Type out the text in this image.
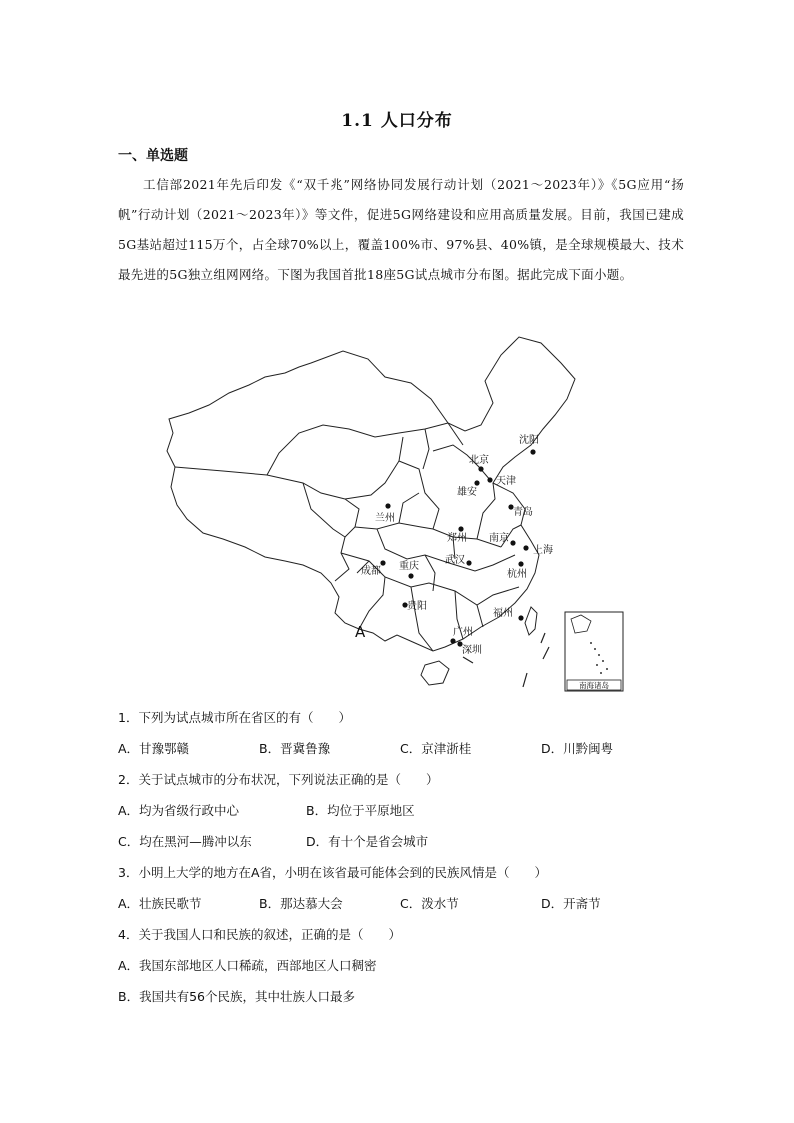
1.1 人口分布
一、单选题
工信部2021年先后印发《“双千兆”网络协同发展行动计划（2021～2023年）》《5G应用“扬帆”行动计划（2021～2023年）》等文件，促进5G网络建设和应用高质量发展。目前，我国已建成5G基站超过115万个，占全球70%以上，覆盖100%市、97%县、40%镇，是全球规模最大、技术最先进的5G独立组网网络。下图为我国首批18座5G试点城市分布图。据此完成下面小题。
沈阳
北京
天津
雄安
青岛
兰州
郑州 南京
上海
武汉
杭州
成都 重庆
贵阳
福州
广州
深圳
A
南海诸岛
1．下列为试点城市所在省区的有（　　）
A．甘豫鄂赣	B．晋冀鲁豫	C．京津浙桂	D．川黔闽粤
2．关于试点城市的分布状况，下列说法正确的是（　　）
A．均为省级行政中心	B．均位于平原地区
C．均在黑河—腾冲以东	D．有十个是省会城市
3．小明上大学的地方在A省，小明在该省最可能体会到的民族风情是（　　）
A．壮族民歌节	B．那达慕大会	C．泼水节	D．开斋节
4．关于我国人口和民族的叙述，正确的是（　　）
A．我国东部地区人口稀疏，西部地区人口稠密
B．我国共有56个民族，其中壮族人口最多
